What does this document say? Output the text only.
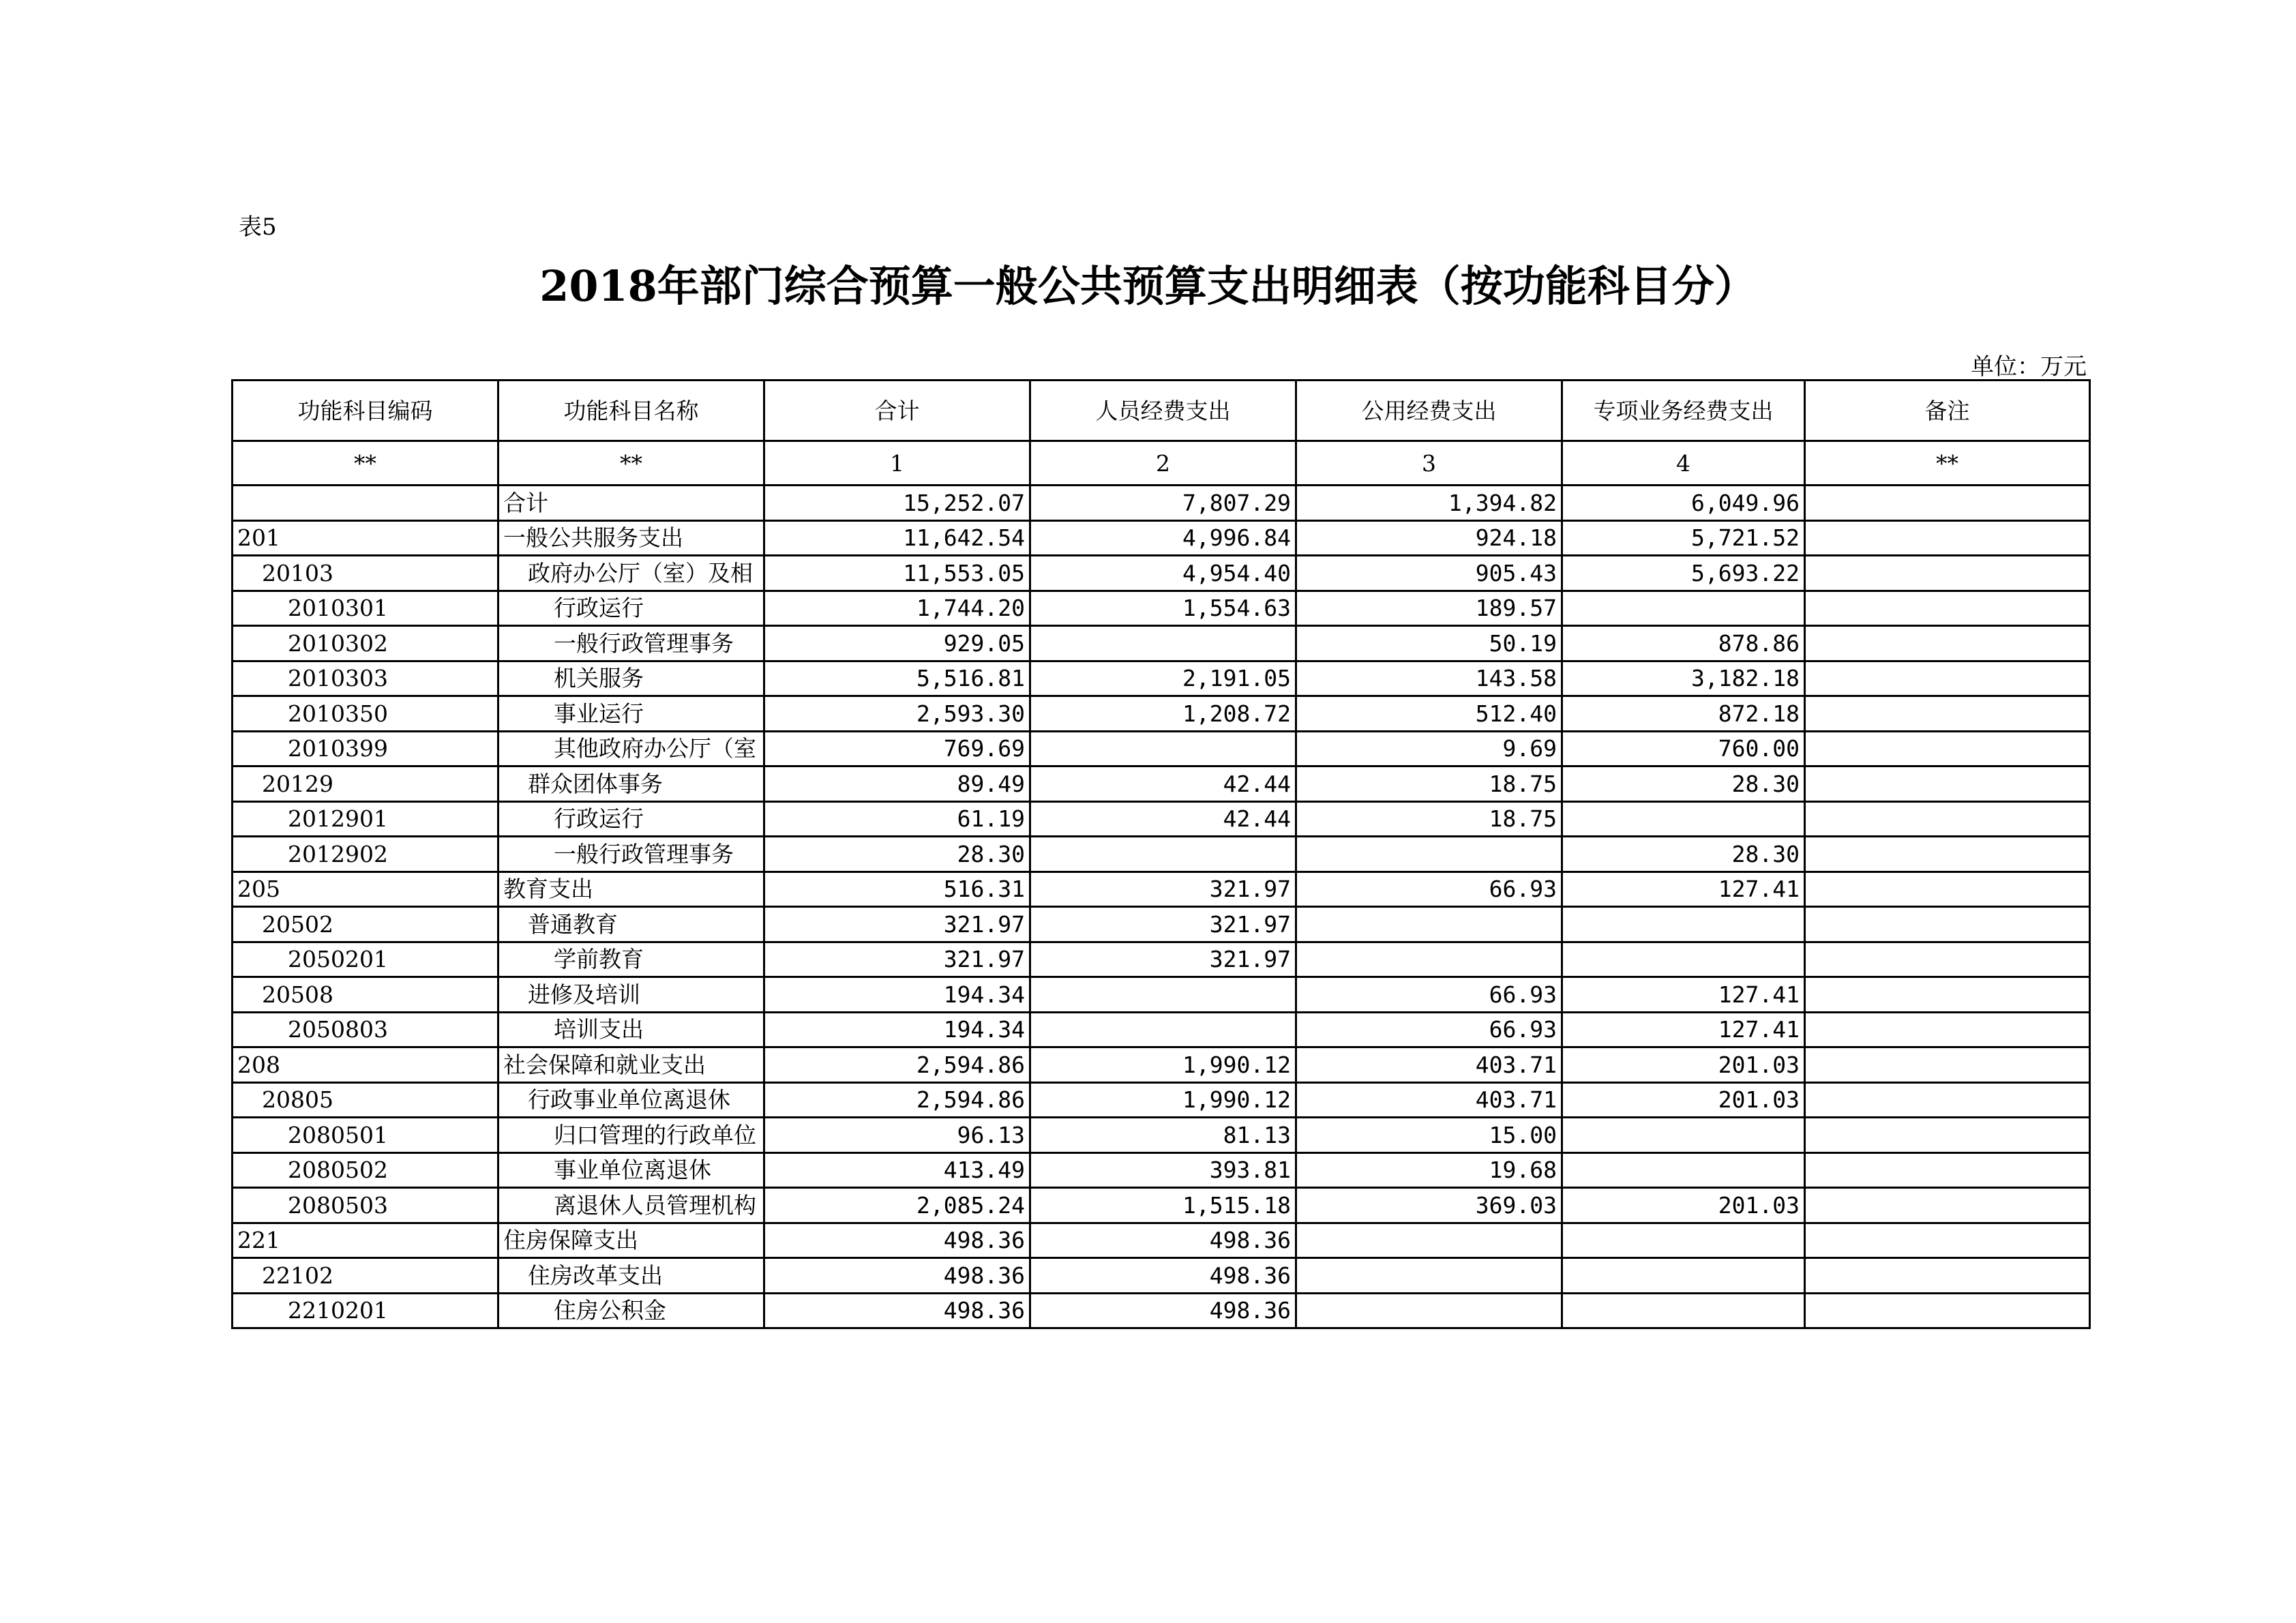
表5
2018年部门综合预算一般公共预算支出明细表（按功能科目分）
单位：万元
功能科目编码	功能科目名称	合计	人员经费支出	公用经费支出	专项业务经费支出	备注
**	**	1	2	3	4	**
	合计	15,252.07	7,807.29	1,394.82	6,049.96	
201	一般公共服务支出	11,642.54	4,996.84	924.18	5,721.52	
20103	政府办公厅（室）及相	11,553.05	4,954.40	905.43	5,693.22	
2010301	行政运行	1,744.20	1,554.63	189.57		
2010302	一般行政管理事务	929.05		50.19	878.86	
2010303	机关服务	5,516.81	2,191.05	143.58	3,182.18	
2010350	事业运行	2,593.30	1,208.72	512.40	872.18	
2010399	其他政府办公厅（室	769.69		9.69	760.00	
20129	群众团体事务	89.49	42.44	18.75	28.30	
2012901	行政运行	61.19	42.44	18.75		
2012902	一般行政管理事务	28.30			28.30	
205	教育支出	516.31	321.97	66.93	127.41	
20502	普通教育	321.97	321.97			
2050201	学前教育	321.97	321.97			
20508	进修及培训	194.34		66.93	127.41	
2050803	培训支出	194.34		66.93	127.41	
208	社会保障和就业支出	2,594.86	1,990.12	403.71	201.03	
20805	行政事业单位离退休	2,594.86	1,990.12	403.71	201.03	
2080501	归口管理的行政单位	96.13	81.13	15.00		
2080502	事业单位离退休	413.49	393.81	19.68		
2080503	离退休人员管理机构	2,085.24	1,515.18	369.03	201.03	
221	住房保障支出	498.36	498.36			
22102	住房改革支出	498.36	498.36			
2210201	住房公积金	498.36	498.36			
